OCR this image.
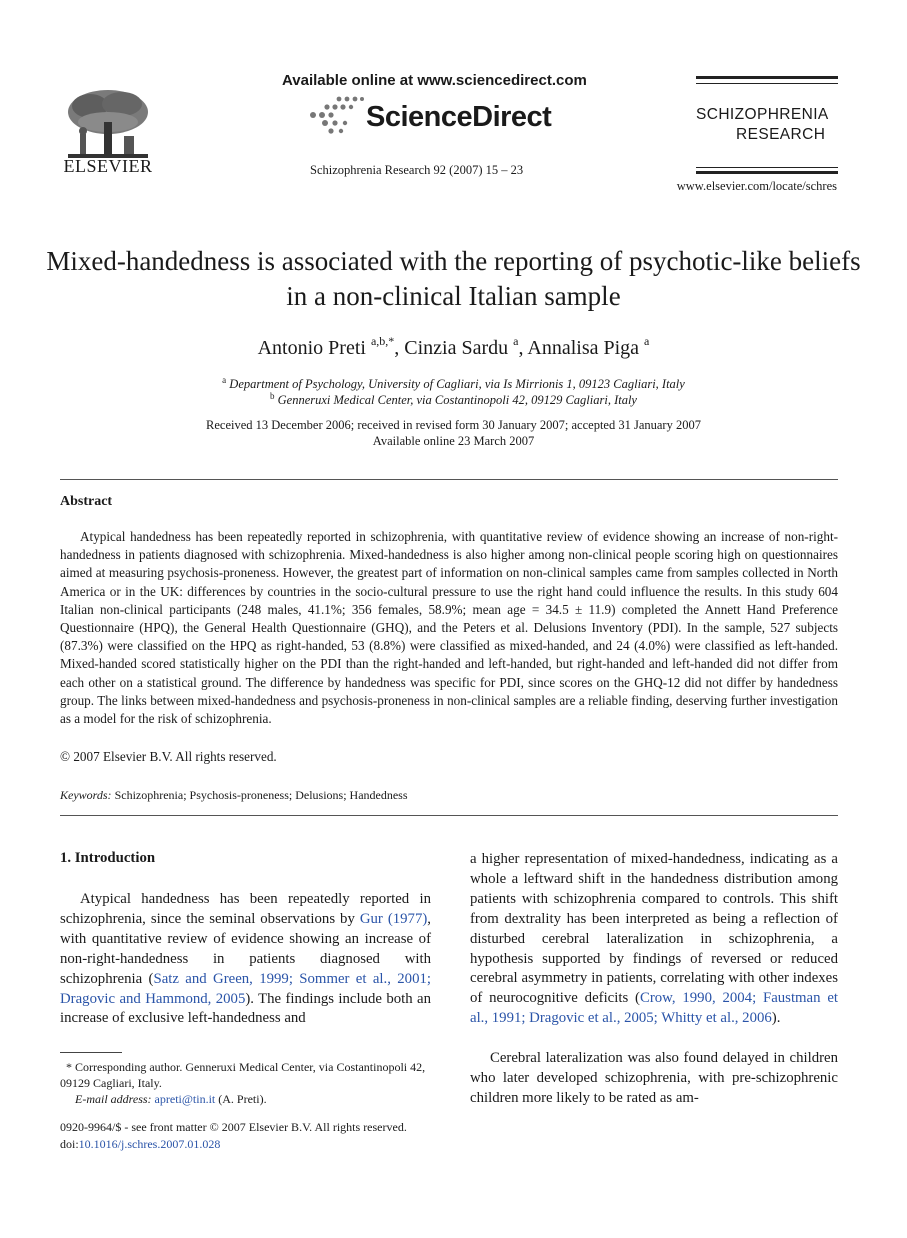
ELSEVIER
Available online at www.sciencedirect.com
ScienceDirect
Schizophrenia Research 92 (2007) 15 – 23
SCHIZOPHRENIA
RESEARCH
www.elsevier.com/locate/schres
Mixed-handedness is associated with the reporting of psychotic-like beliefs in a non-clinical Italian sample
Antonio Preti $^{a,b,*}$, Cinzia Sardu $^a$, Annalisa Piga $^a$
$^a$ Department of Psychology, University of Cagliari, via Is Mirrionis 1, 09123 Cagliari, Italy
$^b$ Genneruxi Medical Center, via Costantinopoli 42, 09129 Cagliari, Italy
Received 13 December 2006; received in revised form 30 January 2007; accepted 31 January 2007
Available online 23 March 2007
Abstract

Atypical handedness has been repeatedly reported in schizophrenia, with quantitative review of evidence showing an increase of non-right-handedness in patients diagnosed with schizophrenia. Mixed-handedness is also higher among non-clinical people scoring high on questionnaires aimed at measuring psychosis-proneness. However, the greatest part of information on non-clinical samples came from samples collected in North America or in the UK: differences by countries in the socio-cultural pressure to use the right hand could influence the results. In this study 604 Italian non-clinical participants (248 males, 41.1%; 356 females, 58.9%; mean age = 34.5 ± 11.9) completed the Annett Hand Preference Questionnaire (HPQ), the General Health Questionnaire (GHQ), and the Peters et al. Delusions Inventory (PDI). In the sample, 527 subjects (87.3%) were classified on the HPQ as right-handed, 53 (8.8%) were classified as mixed-handed, and 24 (4.0%) were classified as left-handed. Mixed-handed scored statistically higher on the PDI than the right-handed and left-handed, but right-handed and left-handed did not differ from each other on a statistical ground. The difference by handedness was specific for PDI, since scores on the GHQ-12 did not differ by handedness group. The links between mixed-handedness and psychosis-proneness in non-clinical samples are a reliable finding, deserving further investigation as a model for the risk of schizophrenia.

© 2007 Elsevier B.V. All rights reserved.
Keywords: Schizophrenia; Psychosis-proneness; Delusions; Handedness
1. Introduction

Atypical handedness has been repeatedly reported in schizophrenia, since the seminal observations by Gur (1977), with quantitative review of evidence showing an increase of non-right-handedness in patients diagnosed with schizophrenia (Satz and Green, 1999; Sommer et al., 2001; Dragovic and Hammond, 2005). The findings include both an increase of exclusive left-handedness and

a higher representation of mixed-handedness, indicating as a whole a leftward shift in the handedness distribution among patients with schizophrenia compared to controls. This shift from dextrality has been interpreted as being a reflection of disturbed cerebral lateralization in schizophrenia, a hypothesis supported by findings of reversed or reduced cerebral asymmetry in patients, correlating with other indexes of neurocognitive deficits (Crow, 1990, 2004; Faustman et al., 1991; Dragovic et al., 2005; Whitty et al., 2006).

Cerebral lateralization was also found delayed in children who later developed schizophrenia, with pre-schizophrenic children more likely to be rated as am-

* Corresponding author. Genneruxi Medical Center, via Costantinopoli 42, 09129 Cagliari, Italy.
E-mail address: apreti@tin.it (A. Preti).

0920-9964/$ - see front matter © 2007 Elsevier B.V. All rights reserved.
doi:10.1016/j.schres.2007.01.028
